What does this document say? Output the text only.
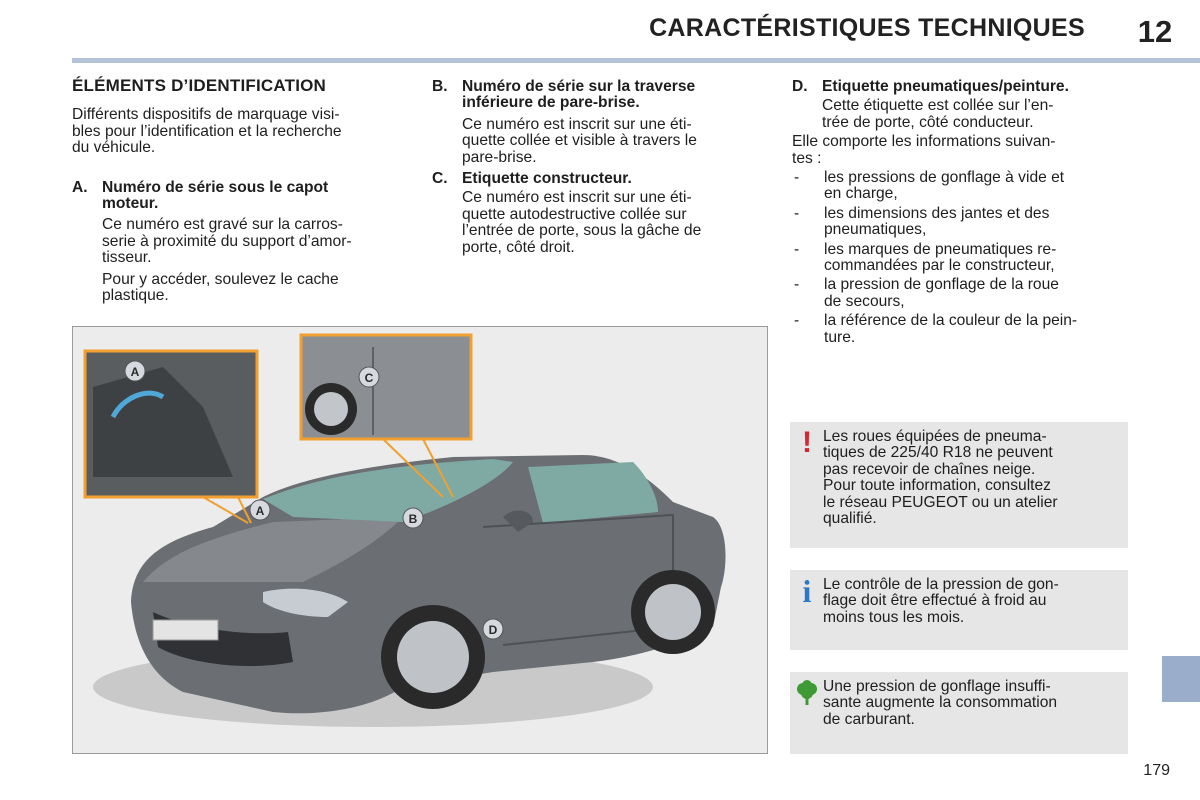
CARACTÉRISTIQUES TECHNIQUES	12
ÉLÉMENTS D’IDENTIFICATION

Différents dispositifs de marquage visi-
bles pour l’identification et la recherche
du véhicule.

A. Numéro de série sous le capot
moteur.

Ce numéro est gravé sur la carros-
serie à proximité du support d’amor-
tisseur.

Pour y accéder, soulevez le cache
plastique.

B. Numéro de série sur la traverse
inférieure de pare-brise.

Ce numéro est inscrit sur une éti-
quette collée et visible à travers le
pare-brise.

C. Etiquette constructeur.

Ce numéro est inscrit sur une éti-
quette autodestructive collée sur
l’entrée de porte, sous la gâche de
porte, côté droit.

D. Etiquette pneumatiques/peinture.

Cette étiquette est collée sur l’en-
trée de porte, côté conducteur.

Elle comporte les informations suivan-
tes :

-	les pressions de gonflage à vide et
en charge,
-	les dimensions des jantes et des
pneumatiques,
-	les marques de pneumatiques re-
commandées par le constructeur,
-	la pression de gonflage de la roue
de secours,
-	la référence de la couleur de la pein-
ture.
! Les roues équipées de pneuma-
tiques de 225/40 R18 ne peuvent
pas recevoir de chaînes neige.
Pour toute information, consultez
le réseau PEUGEOT ou un atelier
qualifié.
i Le contrôle de la pression de gon-
flage doit être effectué à froid au
moins tous les mois.
Une pression de gonflage insuffi-
sante augmente la consommation
de carburant.
A
A
B
C
D
179
